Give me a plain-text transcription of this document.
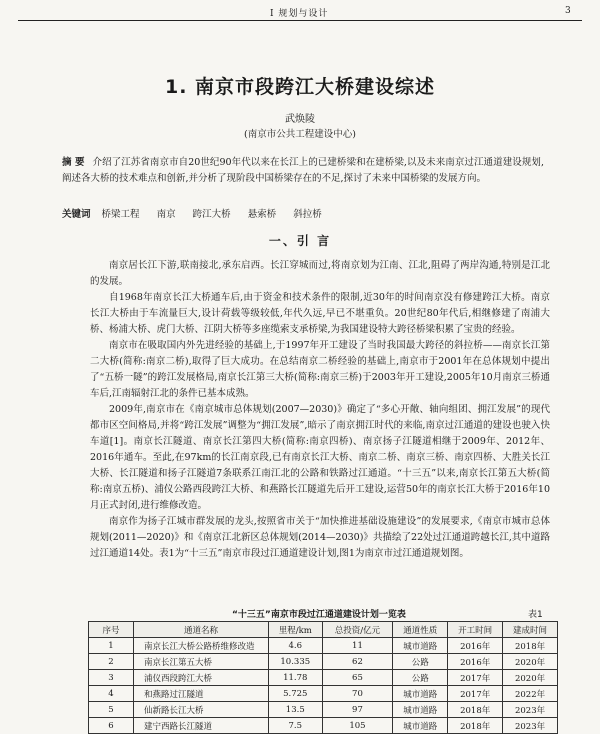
Ⅰ 规划与设计	3
1. 南京市段跨江大桥建设综述
武焕陵
(南京市公共工程建设中心)
摘 要 介绍了江苏省南京市自20世纪90年代以来在长江上的已建桥梁和在建桥梁,以及未来南京过江通道建设规划,阐述各大桥的技术难点和创新,并分析了现阶段中国桥梁存在的不足,探讨了未来中国桥梁的发展方向。
关键词 桥梁工程 南京 跨江大桥 悬索桥 斜拉桥
一、引 言

南京居长江下游,联南接北,承东启西。长江穿城而过,将南京划为江南、江北,阻碍了两岸沟通,特别是江北的发展。

自1968年南京长江大桥通车后,由于资金和技术条件的限制,近30年的时间南京没有修建跨江大桥。南京长江大桥由于车流量巨大,设计荷载等级较低,年代久远,早已不堪重负。20世纪80年代后,相继修建了南浦大桥、杨浦大桥、虎门大桥、江阴大桥等多座缆索支承桥梁,为我国建设特大跨径桥梁积累了宝贵的经验。

南京市在吸取国内外先进经验的基础上,于1997年开工建设了当时我国最大跨径的斜拉桥——南京长江第二大桥(简称:南京二桥),取得了巨大成功。在总结南京二桥经验的基础上,南京市于2001年在总体规划中提出了“五桥一隧”的跨江发展格局,南京长江第三大桥(简称:南京三桥)于2003年开工建设,2005年10月南京三桥通车后,江南辐射江北的条件已基本成熟。

2009年,南京市在《南京城市总体规划(2007—2030)》确定了“多心开敞、轴向组团、拥江发展”的现代都市区空间格局,并将“跨江发展”调整为“拥江发展”,暗示了南京拥江时代的来临,南京过江通道的建设也驶入快车道[1]。南京长江隧道、南京长江第四大桥(简称:南京四桥)、南京扬子江隧道相继于2009年、2012年、2016年通车。至此,在97km的长江南京段,已有南京长江大桥、南京二桥、南京三桥、南京四桥、大胜关长江大桥、长江隧道和扬子江隧道7条联系江南江北的公路和铁路过江通道。“十三五”以来,南京长江第五大桥(简称:南京五桥)、浦仪公路西段跨江大桥、和燕路长江隧道先后开工建设,运营50年的南京长江大桥于2016年10月正式封闭,进行维修改造。

南京作为扬子江城市群发展的龙头,按照省市关于“加快推进基础设施建设”的发展要求,《南京市城市总体规划(2011—2020)》和《南京江北新区总体规划(2014—2030)》共描绘了22处过江通道跨越长江,其中道路过江通道14处。表1为“十三五”南京市段过江通道建设计划,图1为南京市过江通道规划图。

“十三五”南京市段过江通道建设计划一览表	表1
序号	通道名称	里程/km	总投资/亿元	通道性质	开工时间	建成时间
1	南京长江大桥公路桥维修改造	4.6	11	城市道路	2016年	2018年
2	南京长江第五大桥	10.335	62	公路	2016年	2020年
3	浦仪西段跨江大桥	11.78	65	公路	2017年	2020年
4	和燕路过江隧道	5.725	70	城市道路	2017年	2022年
5	仙新路长江大桥	13.5	97	城市道路	2018年	2023年
6	建宁西路长江隧道	7.5	105	城市道路	2018年	2023年
